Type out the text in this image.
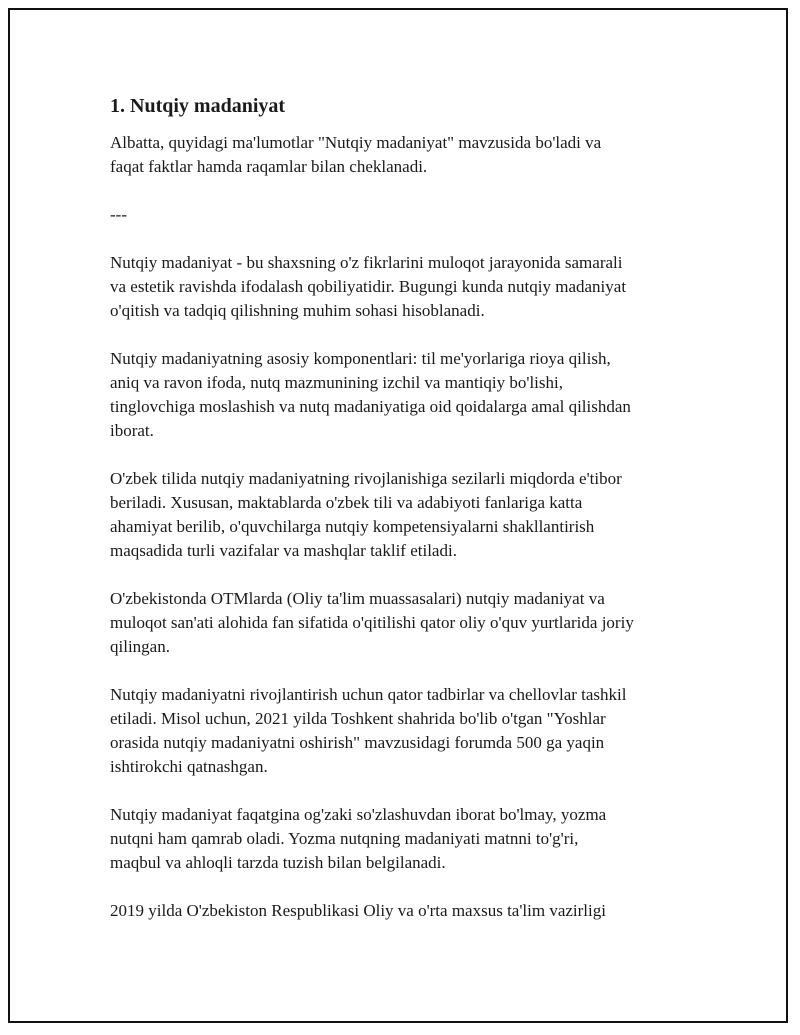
1. Nutqiy madaniyat
Albatta, quyidagi ma'lumotlar "Nutqiy madaniyat" mavzusida bo'ladi va
faqat faktlar hamda raqamlar bilan cheklanadi.
---
Nutqiy madaniyat - bu shaxsning o'z fikrlarini muloqot jarayonida samarali
va estetik ravishda ifodalash qobiliyatidir. Bugungi kunda nutqiy madaniyat
o'qitish va tadqiq qilishning muhim sohasi hisoblanadi.
Nutqiy madaniyatning asosiy komponentlari: til me'yorlariga rioya qilish,
aniq va ravon ifoda, nutq mazmunining izchil va mantiqiy bo'lishi,
tinglovchiga moslashish va nutq madaniyatiga oid qoidalarga amal qilishdan
iborat.
O'zbek tilida nutqiy madaniyatning rivojlanishiga sezilarli miqdorda e'tibor
beriladi. Xususan, maktablarda o'zbek tili va adabiyoti fanlariga katta
ahamiyat berilib, o'quvchilarga nutqiy kompetensiyalarni shakllantirish
maqsadida turli vazifalar va mashqlar taklif etiladi.
O'zbekistonda OTMlarda (Oliy ta'lim muassasalari) nutqiy madaniyat va
muloqot san'ati alohida fan sifatida o'qitilishi qator oliy o'quv yurtlarida joriy
qilingan.
Nutqiy madaniyatni rivojlantirish uchun qator tadbirlar va chellovlar tashkil
etiladi. Misol uchun, 2021 yilda Toshkent shahrida bo'lib o'tgan "Yoshlar
orasida nutqiy madaniyatni oshirish" mavzusidagi forumda 500 ga yaqin
ishtirokchi qatnashgan.
Nutqiy madaniyat faqatgina og'zaki so'zlashuvdan iborat bo'lmay, yozma
nutqni ham qamrab oladi. Yozma nutqning madaniyati matnni to'g'ri,
maqbul va ahloqli tarzda tuzish bilan belgilanadi.
2019 yilda O'zbekiston Respublikasi Oliy va o'rta maxsus ta'lim vazirligi
